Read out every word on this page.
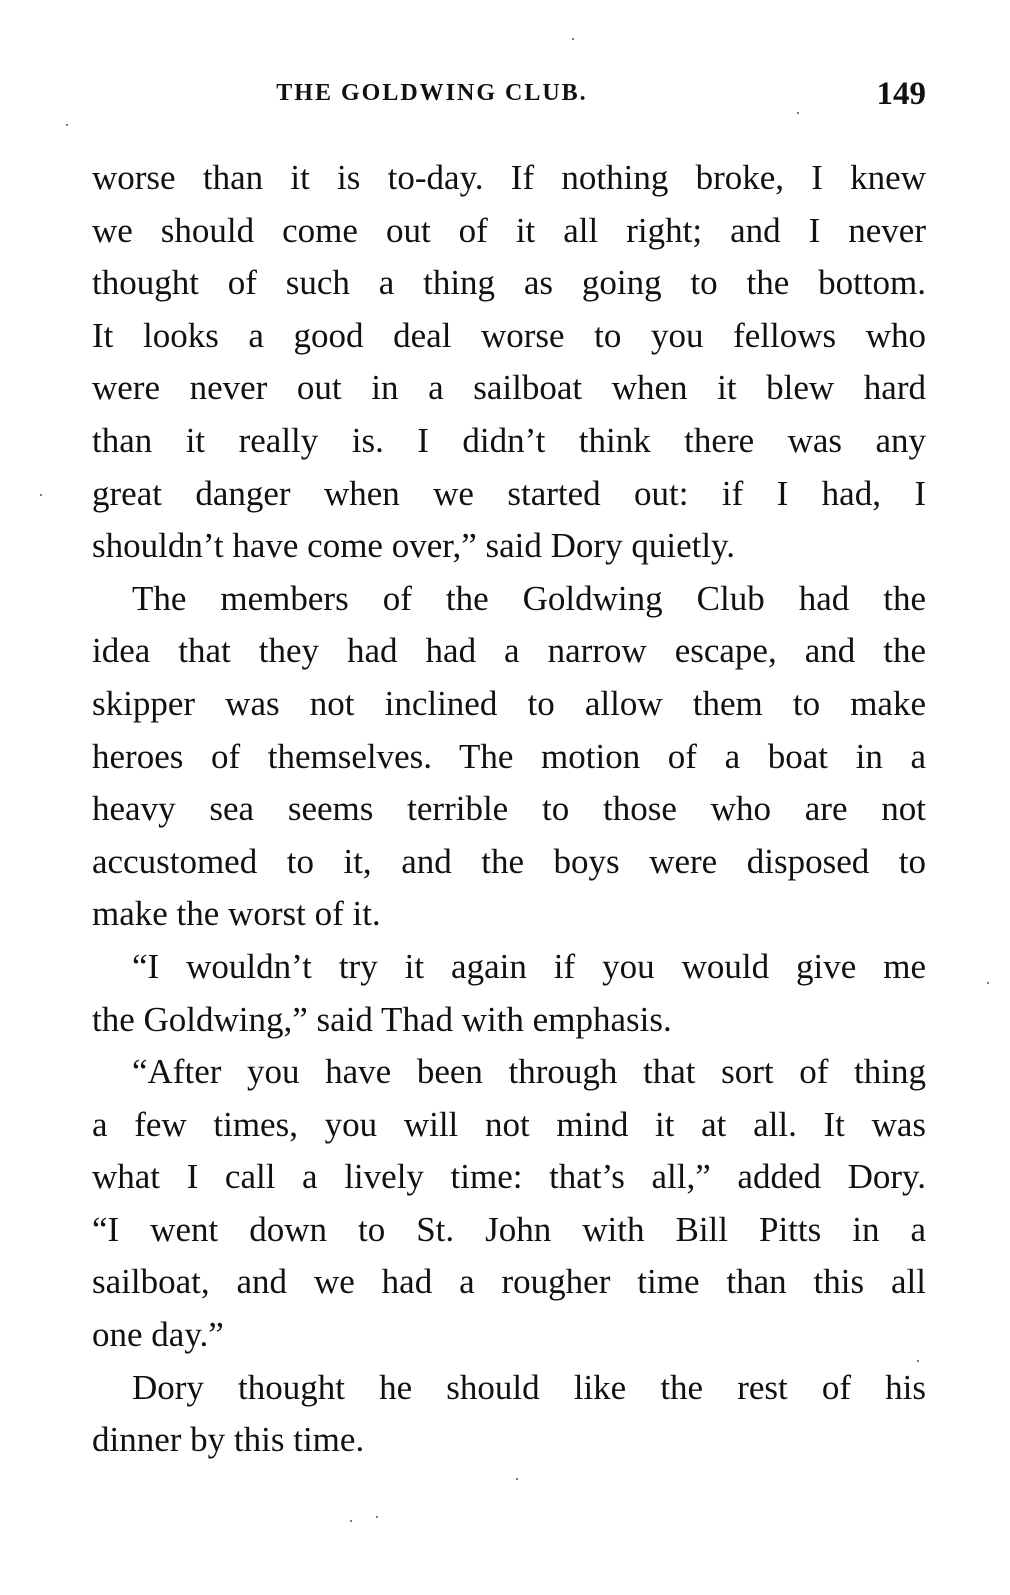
THE GOLDWING CLUB.	149
worse than it is to-day. If nothing broke, I knew
we should come out of it all right; and I never
thought of such a thing as going to the bottom.
It looks a good deal worse to you fellows who
were never out in a sailboat when it blew hard
than it really is. I didn’t think there was any
great danger when we started out: if I had, I
shouldn’t have come over,” said Dory quietly.
The members of the Goldwing Club had the
idea that they had had a narrow escape, and the
skipper was not inclined to allow them to make
heroes of themselves. The motion of a boat in a
heavy sea seems terrible to those who are not
accustomed to it, and the boys were disposed to
make the worst of it.
“I wouldn’t try it again if you would give me
the Goldwing,” said Thad with emphasis.
“After you have been through that sort of thing
a few times, you will not mind it at all. It was
what I call a lively time: that’s all,” added Dory.
“I went down to St. John with Bill Pitts in a
sailboat, and we had a rougher time than this all
one day.”
Dory thought he should like the rest of his
dinner by this time.
